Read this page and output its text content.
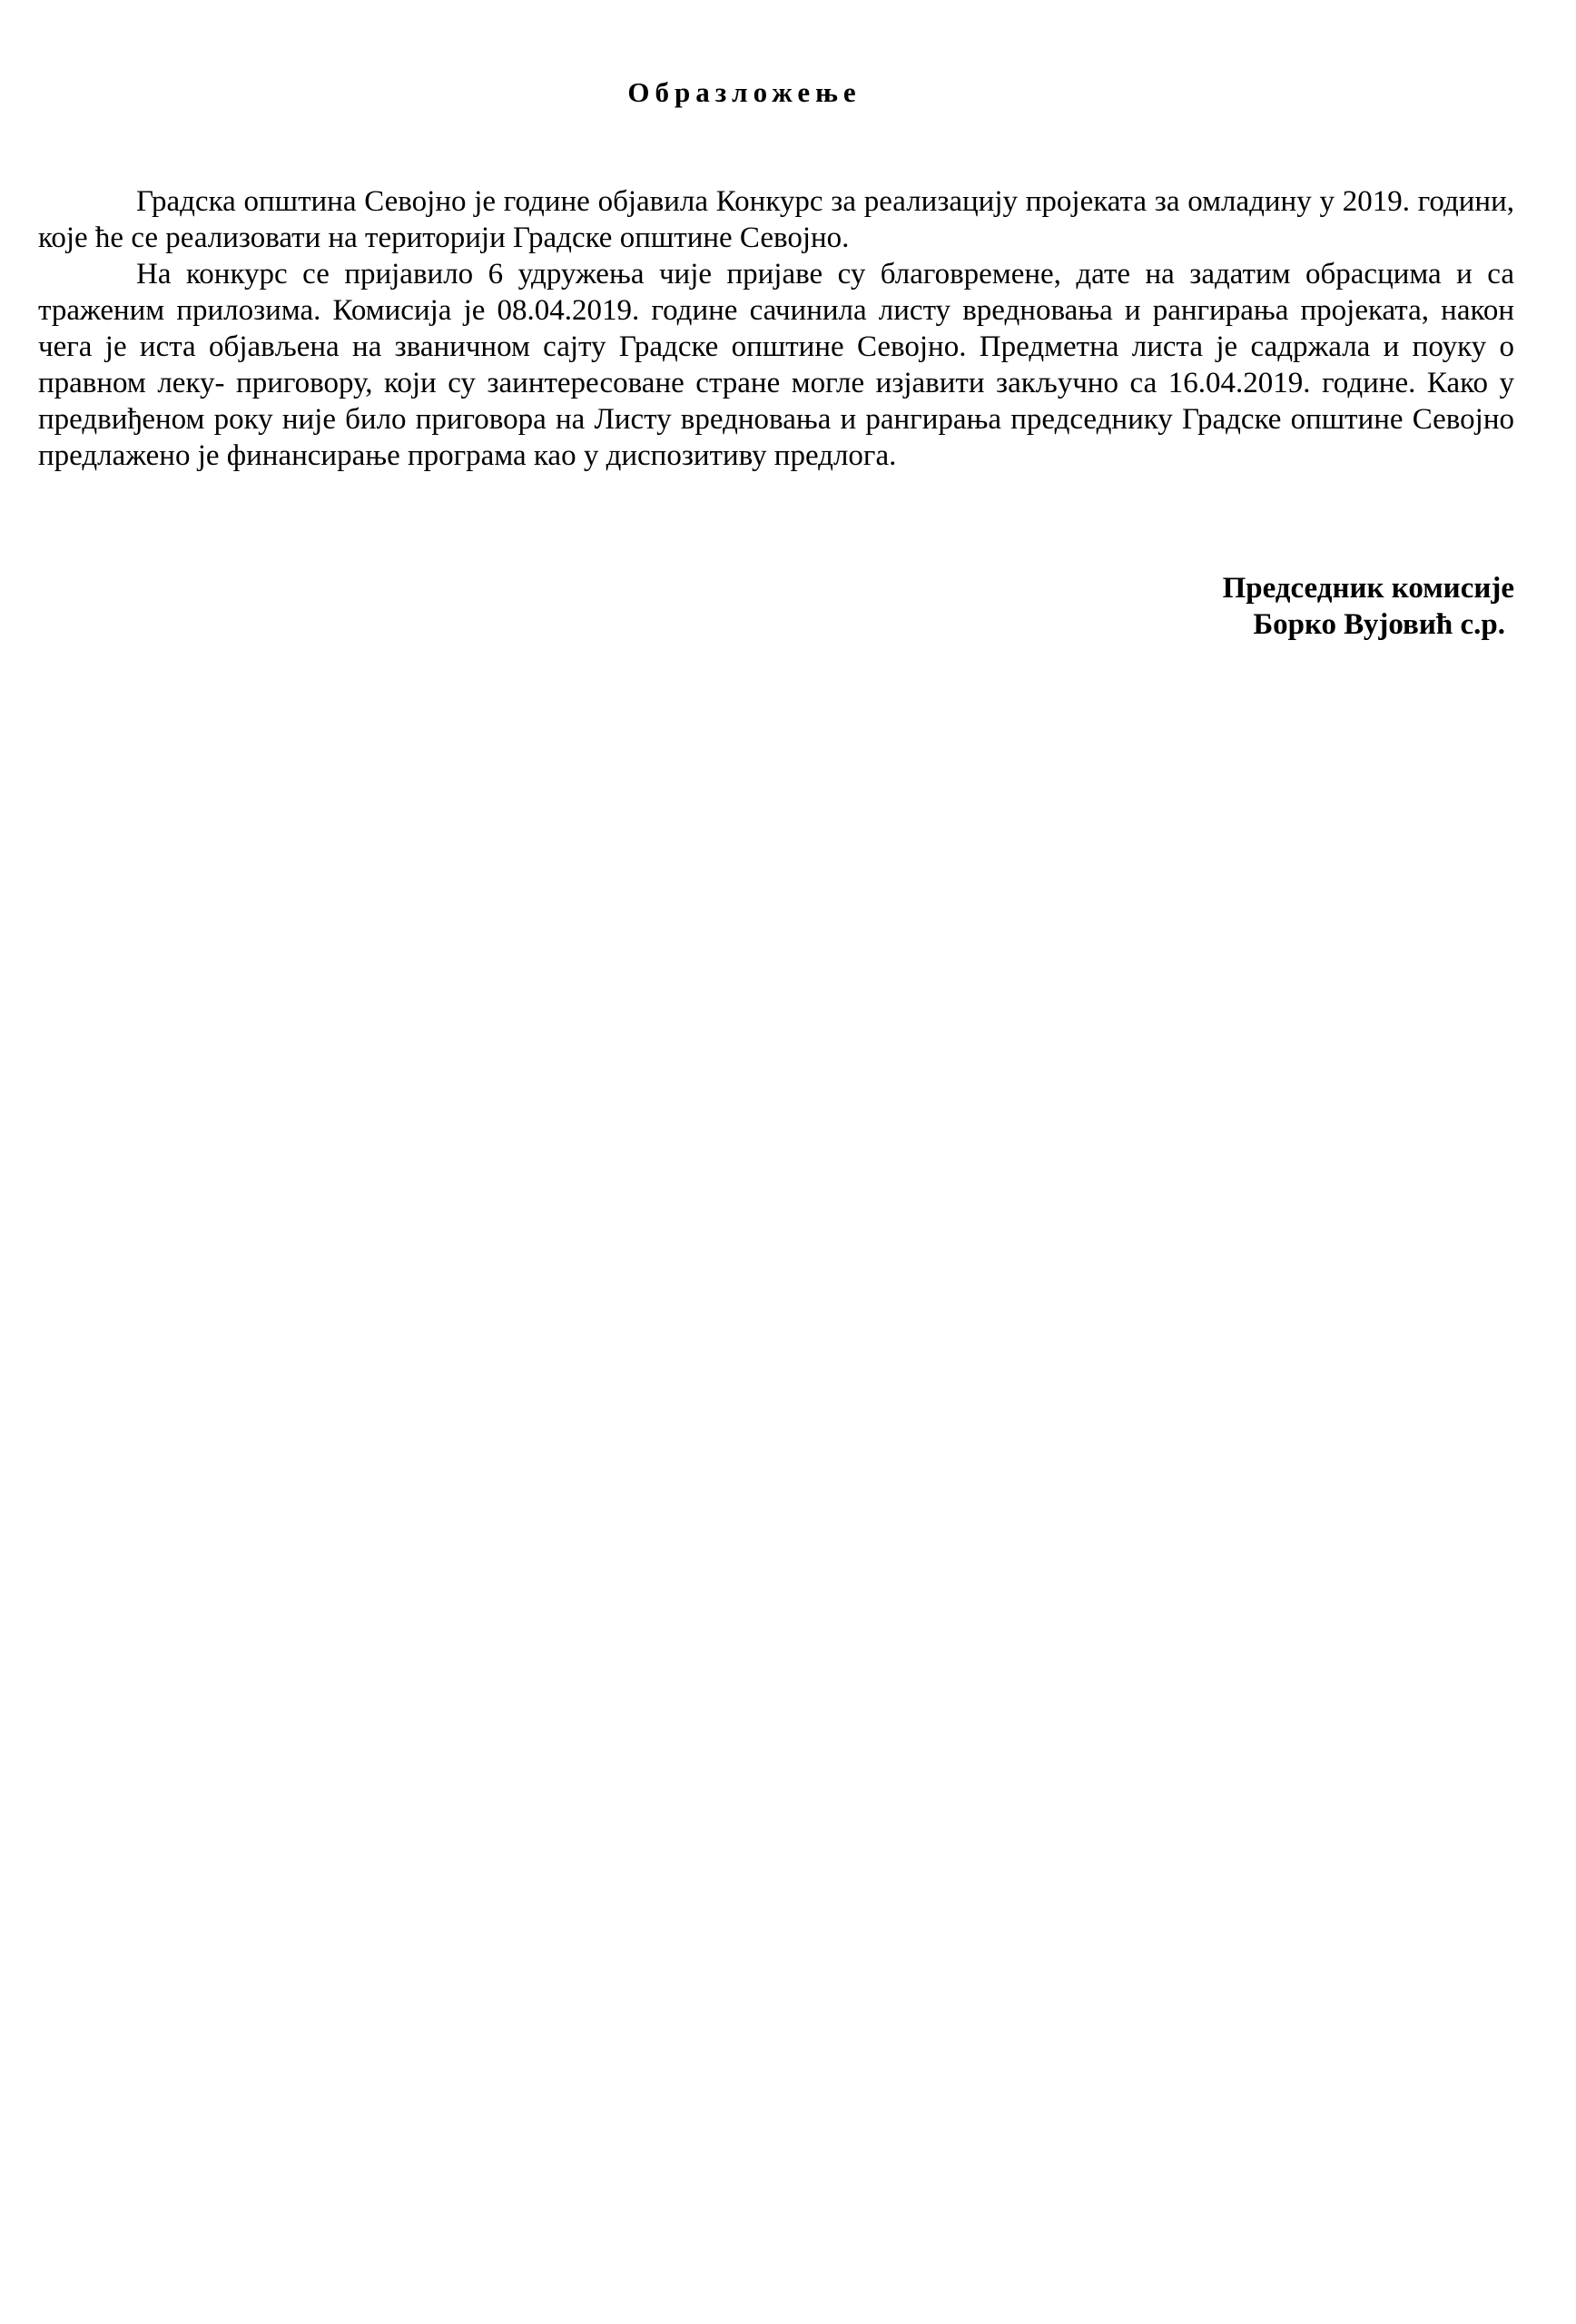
Образложење

Градска општина Севојно је године објавила Конкурс за реализацију пројеката за омладину у 2019. години, које ће се реализовати на територији Градске општине Севојно.

На конкурс се пријавило 6 удружења чије пријаве су благовремене, дате на задатим обрасцима и са траженим прилозима. Комисија је 08.04.2019. године сачинила листу вредновања и рангирања пројеката, након чега је иста објављена на званичном сајту Градске општине Севојно. Предметна листа је садржала и поуку о правном леку- приговору, који су заинтересоване стране могле изјавити закључно са 16.04.2019. године. Како у предвиђеном року није било приговора на Листу вредновања и рангирања председнику Градске општине Севојно предлажено је финансирање програма као у диспозитиву предлога.

Председник комисије
Борко Вујовић с.р.
